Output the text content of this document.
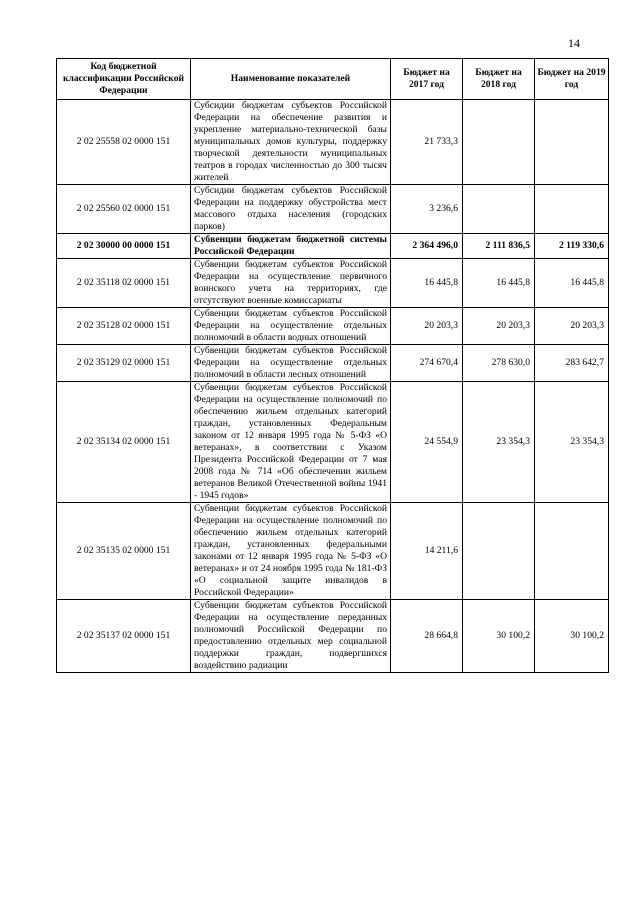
14
Код бюджетной классификации Российской Федерации	Наименование показателей	Бюджет на 2017 год	Бюджет на 2018 год	Бюджет на 2019 год
2 02 25558 02 0000 151	Субсидии бюджетам субъектов Российской Федерации на обеспечение развития и укрепление материально-технической базы муниципальных домов культуры, поддержку творческой деятельности муниципальных театров в городах численностью до 300 тысяч жителей	21 733,3		
2 02 25560 02 0000 151	Субсидии бюджетам субъектов Российской Федерации на поддержку обустройства мест массового отдыха населения (городских парков)	3 236,6		
2 02 30000 00 0000 151	Субвенции бюджетам бюджетной системы Российской Федерации	2 364 496,0	2 111 836,5	2 119 330,6
2 02 35118 02 0000 151	Субвенции бюджетам субъектов Российской Федерации на осуществление первичного воинского учета на территориях, где отсутствуют военные комиссариаты	16 445,8	16 445,8	16 445,8
2 02 35128 02 0000 151	Субвенции бюджетам субъектов Российской Федерации на осуществление отдельных полномочий в области водных отношений	20 203,3	20 203,3	20 203,3
2 02 35129 02 0000 151	Субвенции бюджетам субъектов Российской Федерации на осуществление отдельных полномочий в области лесных отношений	274 670,4	278 630,0	283 642,7
2 02 35134 02 0000 151	Субвенции бюджетам субъектов Российской Федерации на осуществление полномочий по обеспечению жильем отдельных категорий граждан, установленных Федеральным законом от 12 января 1995 года № 5-ФЗ «О ветеранах», в соответствии с Указом Президента Российской Федерации от 7 мая 2008 года № 714 «Об обеспечении жильем ветеранов Великой Отечественной войны 1941 - 1945 годов»	24 554,9	23 354,3	23 354,3
2 02 35135 02 0000 151	Субвенции бюджетам субъектов Российской Федерации на осуществление полномочий по обеспечению жильем отдельных категорий граждан, установленных федеральными законами от 12 января 1995 года № 5-ФЗ «О ветеранах» и от 24 ноября 1995 года № 181-ФЗ «О социальной защите инвалидов в Российской Федерации»	14 211,6		
2 02 35137 02 0000 151	Субвенции бюджетам субъектов Российской Федерации на осуществление переданных полномочий Российской Федерации по предоставлению отдельных мер социальной поддержки граждан, подвергшихся воздействию радиации	28 664,8	30 100,2	30 100,2
